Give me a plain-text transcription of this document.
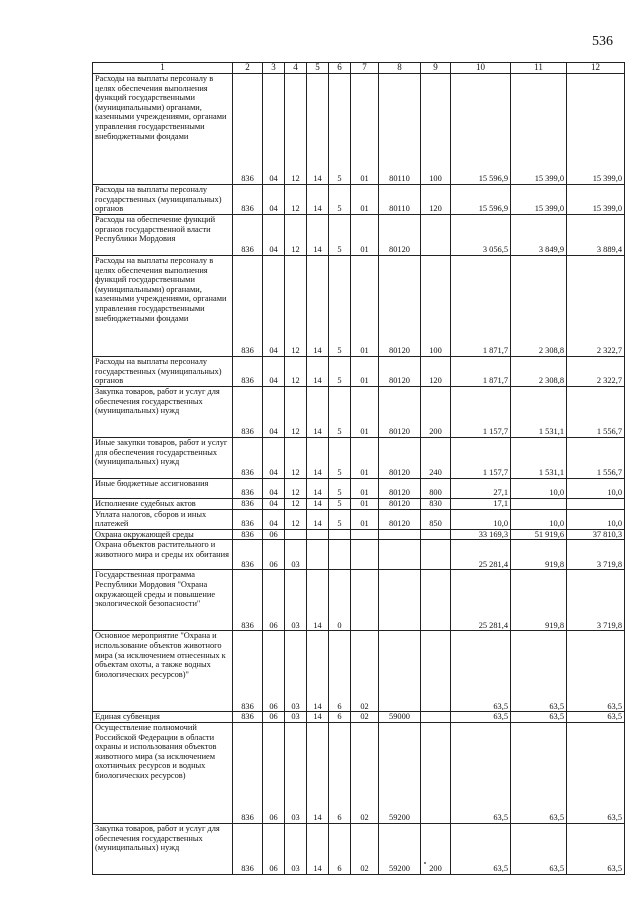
536
1	2	3	4	5	6	7	8	9	10	11	12
Расходы на выплаты персоналу в целях обеспечения выполнения функций государственными (муниципальными) органами, казенными учреждениями, органами управления государственными внебюджетными фондами	836	04	12	14	5	01	80110	100	15 596,9	15 399,0	15 399,0
Расходы на выплаты персоналу государственных (муниципальных) органов	836	04	12	14	5	01	80110	120	15 596,9	15 399,0	15 399,0
Расходы на обеспечение функций органов государственной власти Республики Мордовия	836	04	12	14	5	01	80120		3 056,5	3 849,9	3 889,4
Расходы на выплаты персоналу в целях обеспечения выполнения функций государственными (муниципальными) органами, казенными учреждениями, органами управления государственными внебюджетными фондами	836	04	12	14	5	01	80120	100	1 871,7	2 308,8	2 322,7
Расходы на выплаты персоналу государственных (муниципальных) органов	836	04	12	14	5	01	80120	120	1 871,7	2 308,8	2 322,7
Закупка товаров, работ и услуг для обеспечения государственных (муниципальных) нужд	836	04	12	14	5	01	80120	200	1 157,7	1 531,1	1 556,7
Иные закупки товаров, работ и услуг для обеспечения государственных (муниципальных) нужд	836	04	12	14	5	01	80120	240	1 157,7	1 531,1	1 556,7
Иные бюджетные ассигнования	836	04	12	14	5	01	80120	800	27,1	10,0	10,0
Исполнение судебных актов	836	04	12	14	5	01	80120	830	17,1		
Уплата налогов, сборов и иных платежей	836	04	12	14	5	01	80120	850	10,0	10,0	10,0
Охрана окружающей среды	836	06							33 169,3	51 919,6	37 810,3
Охрана объектов растительного и животного мира и среды их обитания	836	06	03						25 281,4	919,8	3 719,8
Государственная программа Республики Мордовия "Охрана окружающей среды и повышение экологической безопасности"	836	06	03	14	0				25 281,4	919,8	3 719,8
Основное мероприятие "Охрана и использование объектов животного мира (за исключением отнесенных к объектам охоты, а также водных биологических ресурсов)"	836	06	03	14	6	02			63,5	63,5	63,5
Единая субвенция	836	06	03	14	6	02	59000		63,5	63,5	63,5
Осуществление полномочий Российской Федерации в области охраны и использования объектов животного мира (за исключением охотничьих ресурсов и водных биологических ресурсов)	836	06	03	14	6	02	59200		63,5	63,5	63,5
Закупка товаров, работ и услуг для обеспечения государственных (муниципальных) нужд	836	06	03	14	6	02	59200	200	63,5	63,5	63,5
